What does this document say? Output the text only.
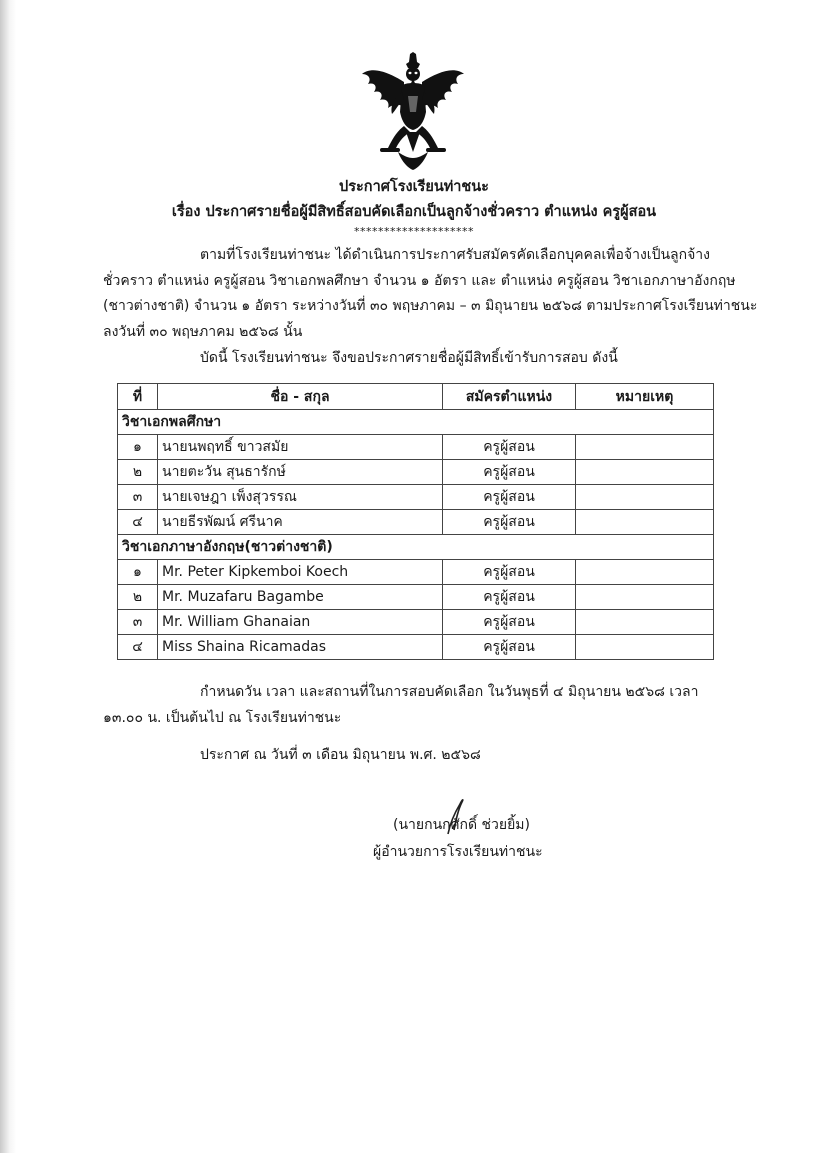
ประกาศโรงเรียนท่าชนะ
เรื่อง ประกาศรายชื่อผู้มีสิทธิ์สอบคัดเลือกเป็นลูกจ้างชั่วคราว ตำแหน่ง ครูผู้สอน
********************
ตามที่โรงเรียนท่าชนะ ได้ดำเนินการประกาศรับสมัครคัดเลือกบุคคลเพื่อจ้างเป็นลูกจ้าง
ชั่วคราว ตำแหน่ง ครูผู้สอน วิชาเอกพลศึกษา จำนวน ๑ อัตรา และ ตำแหน่ง ครูผู้สอน วิชาเอกภาษาอังกฤษ
(ชาวต่างชาติ) จำนวน ๑ อัตรา ระหว่างวันที่ ๓๐ พฤษภาคม – ๓ มิถุนายน ๒๕๖๘ ตามประกาศโรงเรียนท่าชนะ
ลงวันที่ ๓๐ พฤษภาคม ๒๕๖๘ นั้น
บัดนี้ โรงเรียนท่าชนะ จึงขอประกาศรายชื่อผู้มีสิทธิ์เข้ารับการสอบ ดังนี้
ที่	ชื่อ - สกุล	สมัครตำแหน่ง	หมายเหตุ
วิชาเอกพลศึกษา			
๑	นายนพฤทธิ์ ขาวสมัย	ครูผู้สอน	
๒	นายตะวัน สุนธารักษ์	ครูผู้สอน	
๓	นายเจษฎา เพ็งสุวรรณ	ครูผู้สอน	
๔	นายธีรพัฒน์ ศรีนาค	ครูผู้สอน	
วิชาเอกภาษาอังกฤษ(ชาวต่างชาติ)			
๑	Mr. Peter Kipkemboi Koech	ครูผู้สอน	
๒	Mr. Muzafaru Bagambe	ครูผู้สอน	
๓	Mr. William Ghanaian	ครูผู้สอน	
๔	Miss Shaina Ricamadas	ครูผู้สอน	
กำหนดวัน เวลา และสถานที่ในการสอบคัดเลือก ในวันพุธที่ ๔ มิถุนายน ๒๕๖๘ เวลา
๑๓.๐๐ น. เป็นต้นไป ณ โรงเรียนท่าชนะ
ประกาศ ณ วันที่ ๓ เดือน มิถุนายน พ.ศ. ๒๕๖๘
(นายกนกศักดิ์ ช่วยยิ้ม)
ผู้อำนวยการโรงเรียนท่าชนะ
